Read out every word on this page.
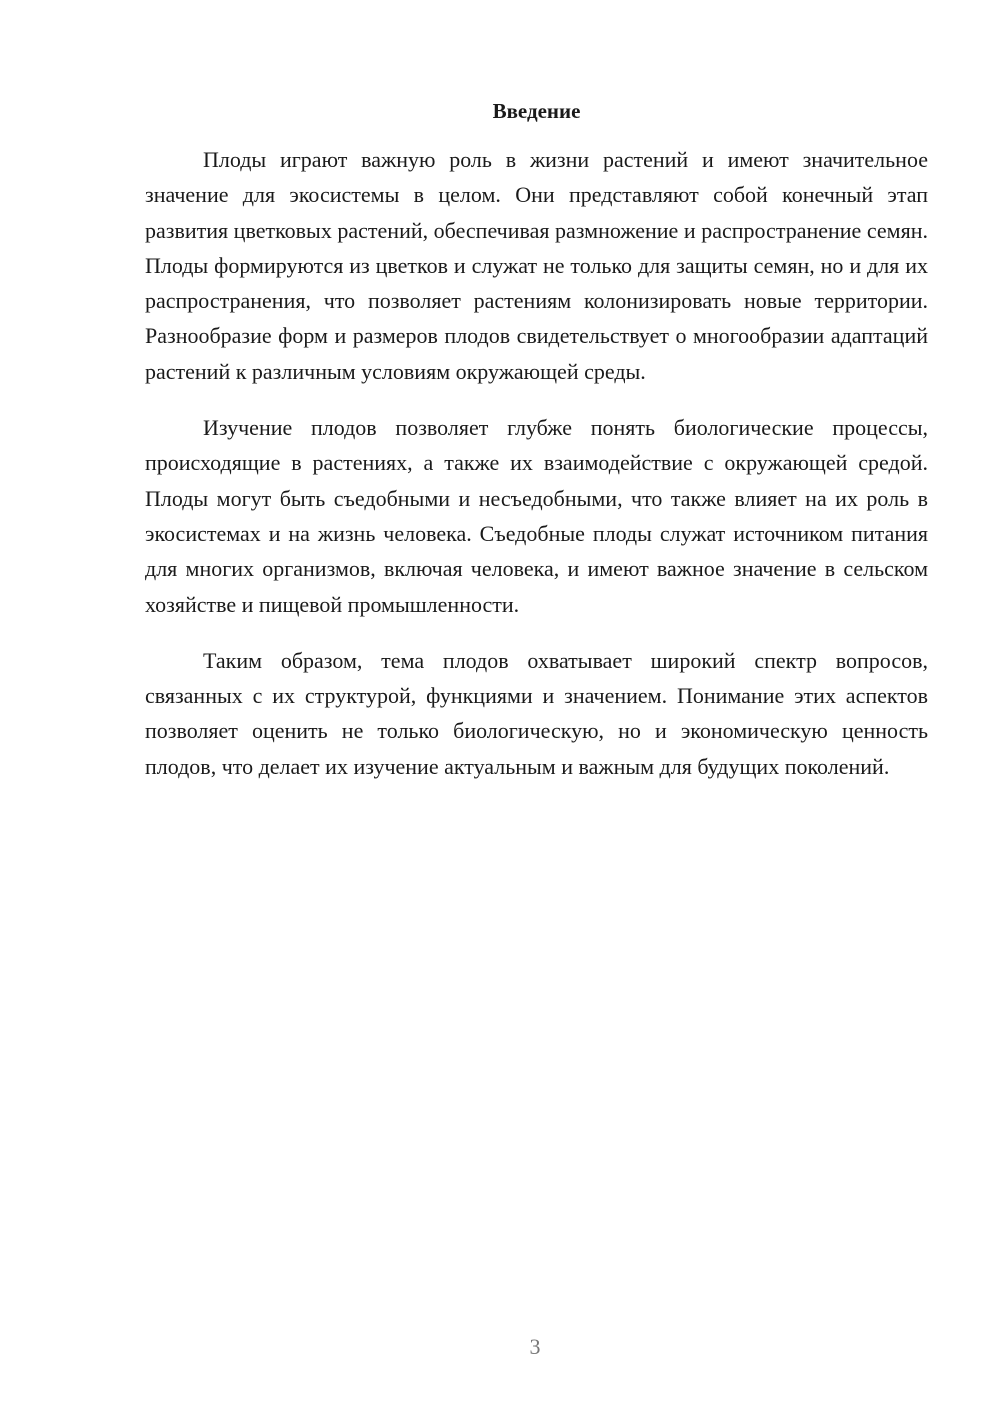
Введение

Плоды играют важную роль в жизни растений и имеют значительное значение для экосистемы в целом. Они представляют собой конечный этап развития цветковых растений, обеспечивая размножение и распространение семян. Плоды формируются из цветков и служат не только для защиты семян, но и для их распространения, что позволяет растениям колонизировать новые территории. Разнообразие форм и размеров плодов свидетельствует о многообразии адаптаций растений к различным условиям окружающей среды.

Изучение плодов позволяет глубже понять биологические процессы, происходящие в растениях, а также их взаимодействие с окружающей средой. Плоды могут быть съедобными и несъедобными, что также влияет на их роль в экосистемах и на жизнь человека. Съедобные плоды служат источником питания для многих организмов, включая человека, и имеют важное значение в сельском хозяйстве и пищевой промышленности.

Таким образом, тема плодов охватывает широкий спектр вопросов, связанных с их структурой, функциями и значением. Понимание этих аспектов позволяет оценить не только биологическую, но и экономическую ценность плодов, что делает их изучение актуальным и важным для будущих поколений.

3
